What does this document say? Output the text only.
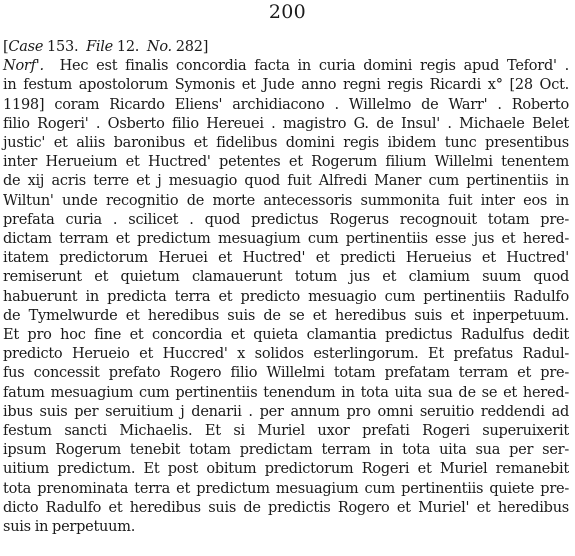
200
[Case 153. File 12. No. 282]
Norf'. Hec est finalis concordia facta in curia domini regis apud Teford' .
in festum apostolorum Symonis et Jude anno regni regis Ricardi x° [28 Oct.
1198] coram Ricardo Eliens' archidiacono . Willelmo de Warr' . Roberto
filio Rogeri' . Osberto filio Hereuei . magistro G. de Insul' . Michaele Belet
justic' et aliis baronibus et fidelibus domini regis ibidem tunc presentibus
inter Herueium et Huctred' petentes et Rogerum filium Willelmi tenentem
de xij acris terre et j mesuagio quod fuit Alfredi Maner cum pertinentiis in
Wiltun' unde recognitio de morte antecessoris summonita fuit inter eos in
prefata curia . scilicet . quod predictus Rogerus recognouit totam pre-
dictam terram et predictum mesuagium cum pertinentiis esse jus et hered-
itatem predictorum Heruei et Huctred' et predicti Herueius et Huctred'
remiserunt et quietum clamauerunt totum jus et clamium suum quod
habuerunt in predicta terra et predicto mesuagio cum pertinentiis Radulfo
de Tymelwurde et heredibus suis de se et heredibus suis et inperpetuum.
Et pro hoc fine et concordia et quieta clamantia predictus Radulfus dedit
predicto Herueio et Huccred' x solidos esterlingorum. Et prefatus Radul-
fus concessit prefato Rogero filio Willelmi totam prefatam terram et pre-
fatum mesuagium cum pertinentiis tenendum in tota uita sua de se et hered-
ibus suis per seruitium j denarii . per annum pro omni seruitio reddendi ad
festum sancti Michaelis. Et si Muriel uxor prefati Rogeri superuixerit
ipsum Rogerum tenebit totam predictam terram in tota uita sua per ser-
uitium predictum. Et post obitum predictorum Rogeri et Muriel remanebit
tota prenominata terra et predictum mesuagium cum pertinentiis quiete pre-
dicto Radulfo et heredibus suis de predictis Rogero et Muriel' et heredibus
suis in perpetuum.
